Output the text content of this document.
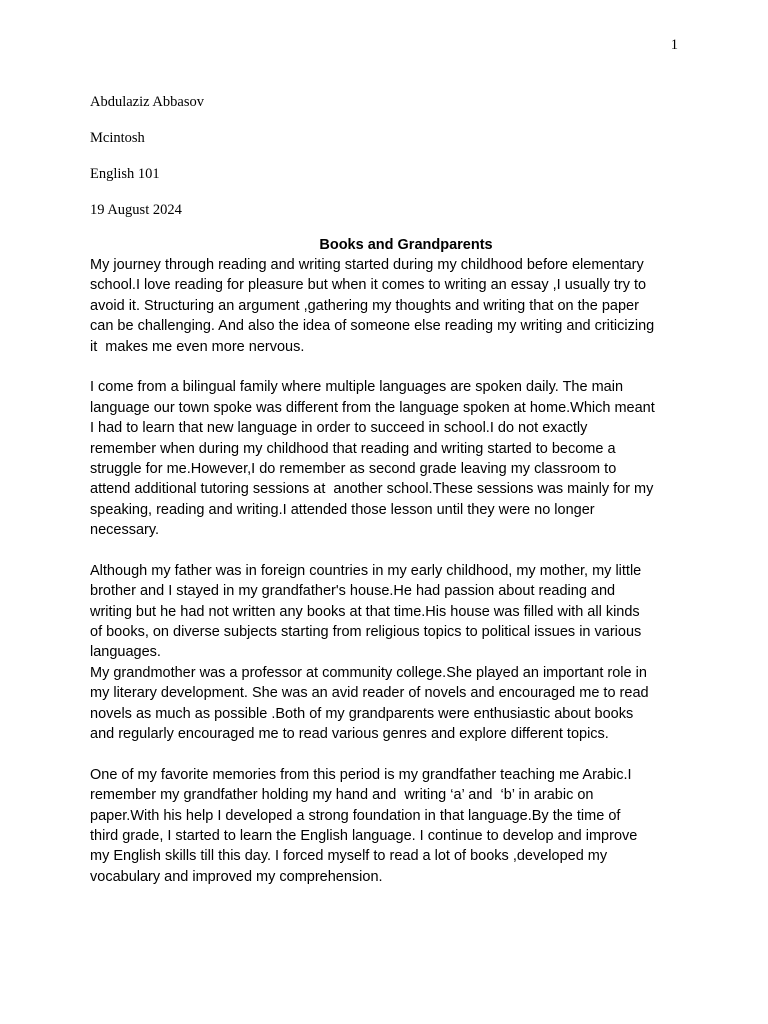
1
Abdulaziz Abbasov
Mcintosh
English 101
19 August 2024
Books and Grandparents

My journey through reading and writing started during my childhood before elementary
school.I love reading for pleasure but when it comes to writing an essay ,I usually try to
avoid it. Structuring an argument ,gathering my thoughts and writing that on the paper
can be challenging. And also the idea of someone else reading my writing and criticizing
it  makes me even more nervous.

I come from a bilingual family where multiple languages are spoken daily. The main
language our town spoke was different from the language spoken at home.Which meant
I had to learn that new language in order to succeed in school.I do not exactly
remember when during my childhood that reading and writing started to become a
struggle for me.However,I do remember as second grade leaving my classroom to
attend additional tutoring sessions at  another school.These sessions was mainly for my
speaking, reading and writing.I attended those lesson until they were no longer
necessary.

Although my father was in foreign countries in my early childhood, my mother, my little
brother and I stayed in my grandfather's house.He had passion about reading and
writing but he had not written any books at that time.His house was filled with all kinds
of books, on diverse subjects starting from religious topics to political issues in various
languages.

My grandmother was a professor at community college.She played an important role in
my literary development. She was an avid reader of novels and encouraged me to read
novels as much as possible .Both of my grandparents were enthusiastic about books
and regularly encouraged me to read various genres and explore different topics.

One of my favorite memories from this period is my grandfather teaching me Arabic.I
remember my grandfather holding my hand and  writing ‘a’ and  ‘b’ in arabic on
paper.With his help I developed a strong foundation in that language.By the time of
third grade, I started to learn the English language. I continue to develop and improve
my English skills till this day. I forced myself to read a lot of books ,developed my
vocabulary and improved my comprehension.
